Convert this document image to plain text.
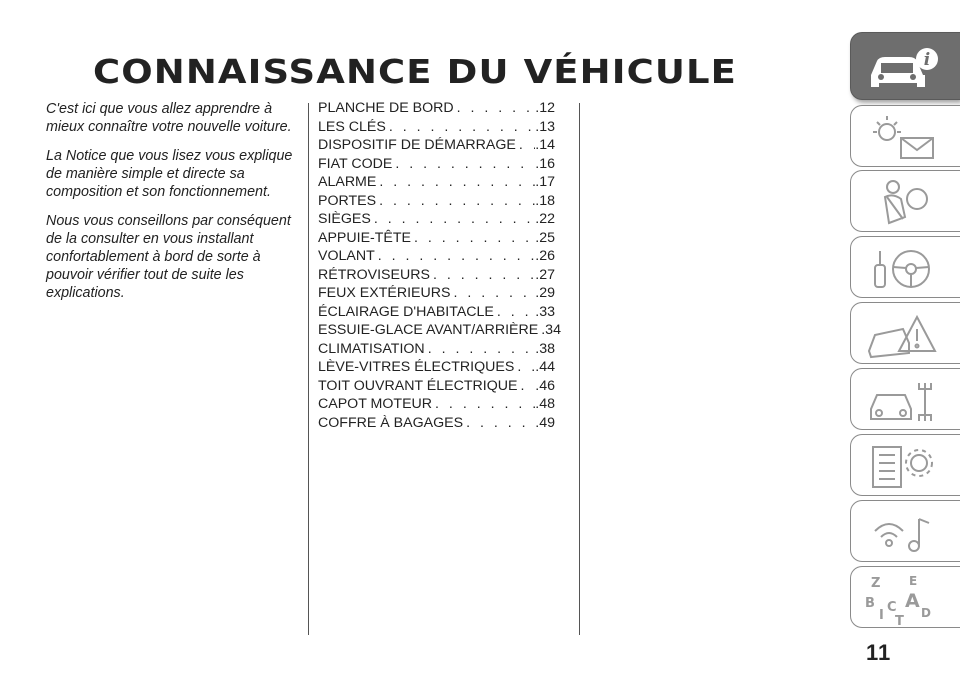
CONNAISSANCE DU VÉHICULE

C'est ici que vous allez apprendre à mieux connaître votre nouvelle voiture.

La Notice que vous lisez vous explique de manière simple et directe sa composition et son fonctionnement.

Nous vous conseillons par conséquent de la consulter en vous installant confortablement à bord de sorte à pouvoir vérifier tout de suite les explications.

PLANCHE DE BORD . . .	.12
LES CLÉS . . .	.13
DISPOSITIF DE DÉMARRAGE . . . .14
FIAT CODE . . .	.16
ALARME . . .	.17
PORTES . . .	.18
SIÈGES . . .	.22
APPUIE-TÊTE . . .	.25
VOLANT . . .	.26
RÉTROVISEURS . . .	.27
FEUX EXTÉRIEURS . . .	.29
ÉCLAIRAGE D'HABITACLE . . .	.33
ESSUIE-GLACE AVANT/ARRIÈRE . . . .34
CLIMATISATION . . .	.38
LÈVE-VITRES ÉLECTRIQUES . . . .44
TOIT OUVRANT ÉLECTRIQUE . . . .46
CAPOT MOTEUR . . .	.48
COFFRE À BAGAGES . . .	.49
i
Z E
B A
I
C D
T
11
